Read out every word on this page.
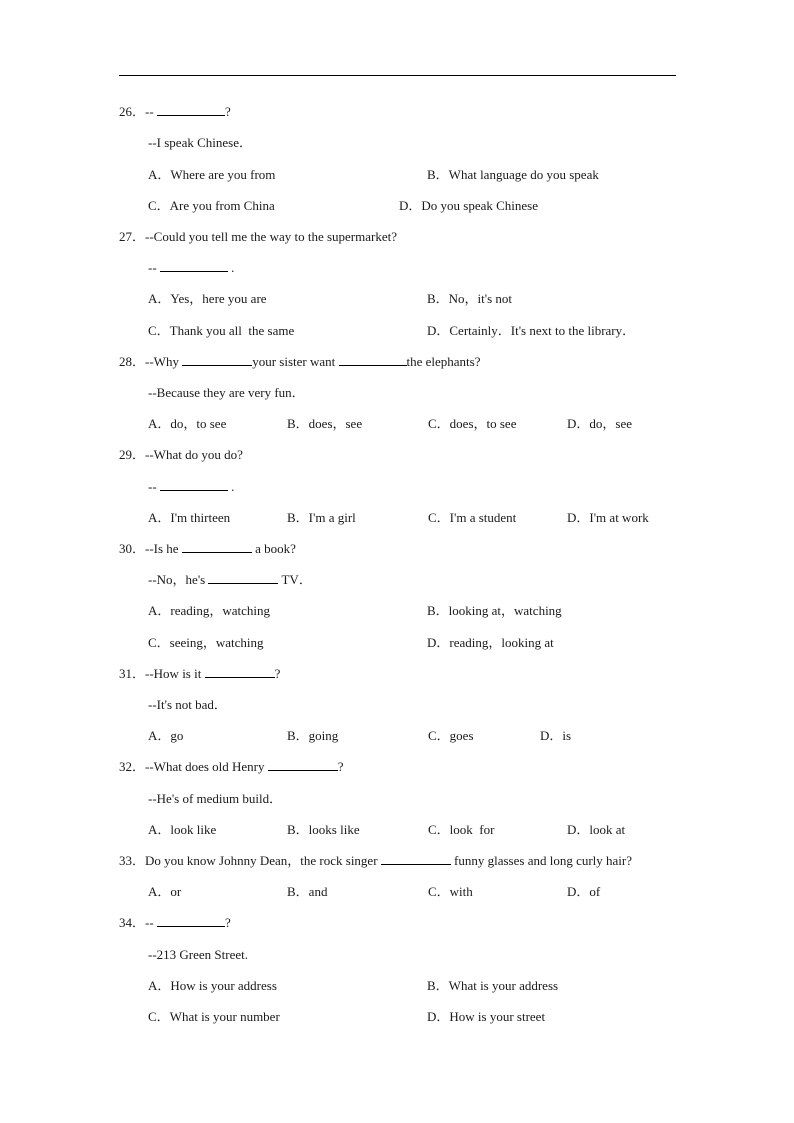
26．--	?
--I speak Chinese．
A．Where are you from	B．What language do you speak
C．Are you from China	D．Do you speak Chinese
27．--Could you tell me the way to the supermarket?
--	.
A．Yes，here you are	B．No，it's not
C．Thank you all  the same	D．Certainly．It's next to the library．
28．--Why	your sister want	the elephants?
--Because they are very fun．
A．do，to see	B．does，see	C．does，to see	D．do，see
29．--What do you do?
--	.
A．I'm thirteen	B．I'm a girl	C．I'm a student	D．I'm at work
30．--Is he	a book?
--No，he's	TV．
A．reading，watching	B．looking at，watching
C．seeing，watching	D．reading，looking at
31．--How is it	?
--It's not bad．
A．go	B．going	C．goes	D．is
32．--What does old Henry	?
--He's of medium build．
A．look like	B．looks like	C．look  for	D．look at
33．Do you know Johnny Dean，the rock singer	funny glasses and long curly hair?
A．or	B．and	C．with	D．of
34．--	?
--213 Green Street.
A．How is your address	B．What is your address
C．What is your number	D．How is your street
